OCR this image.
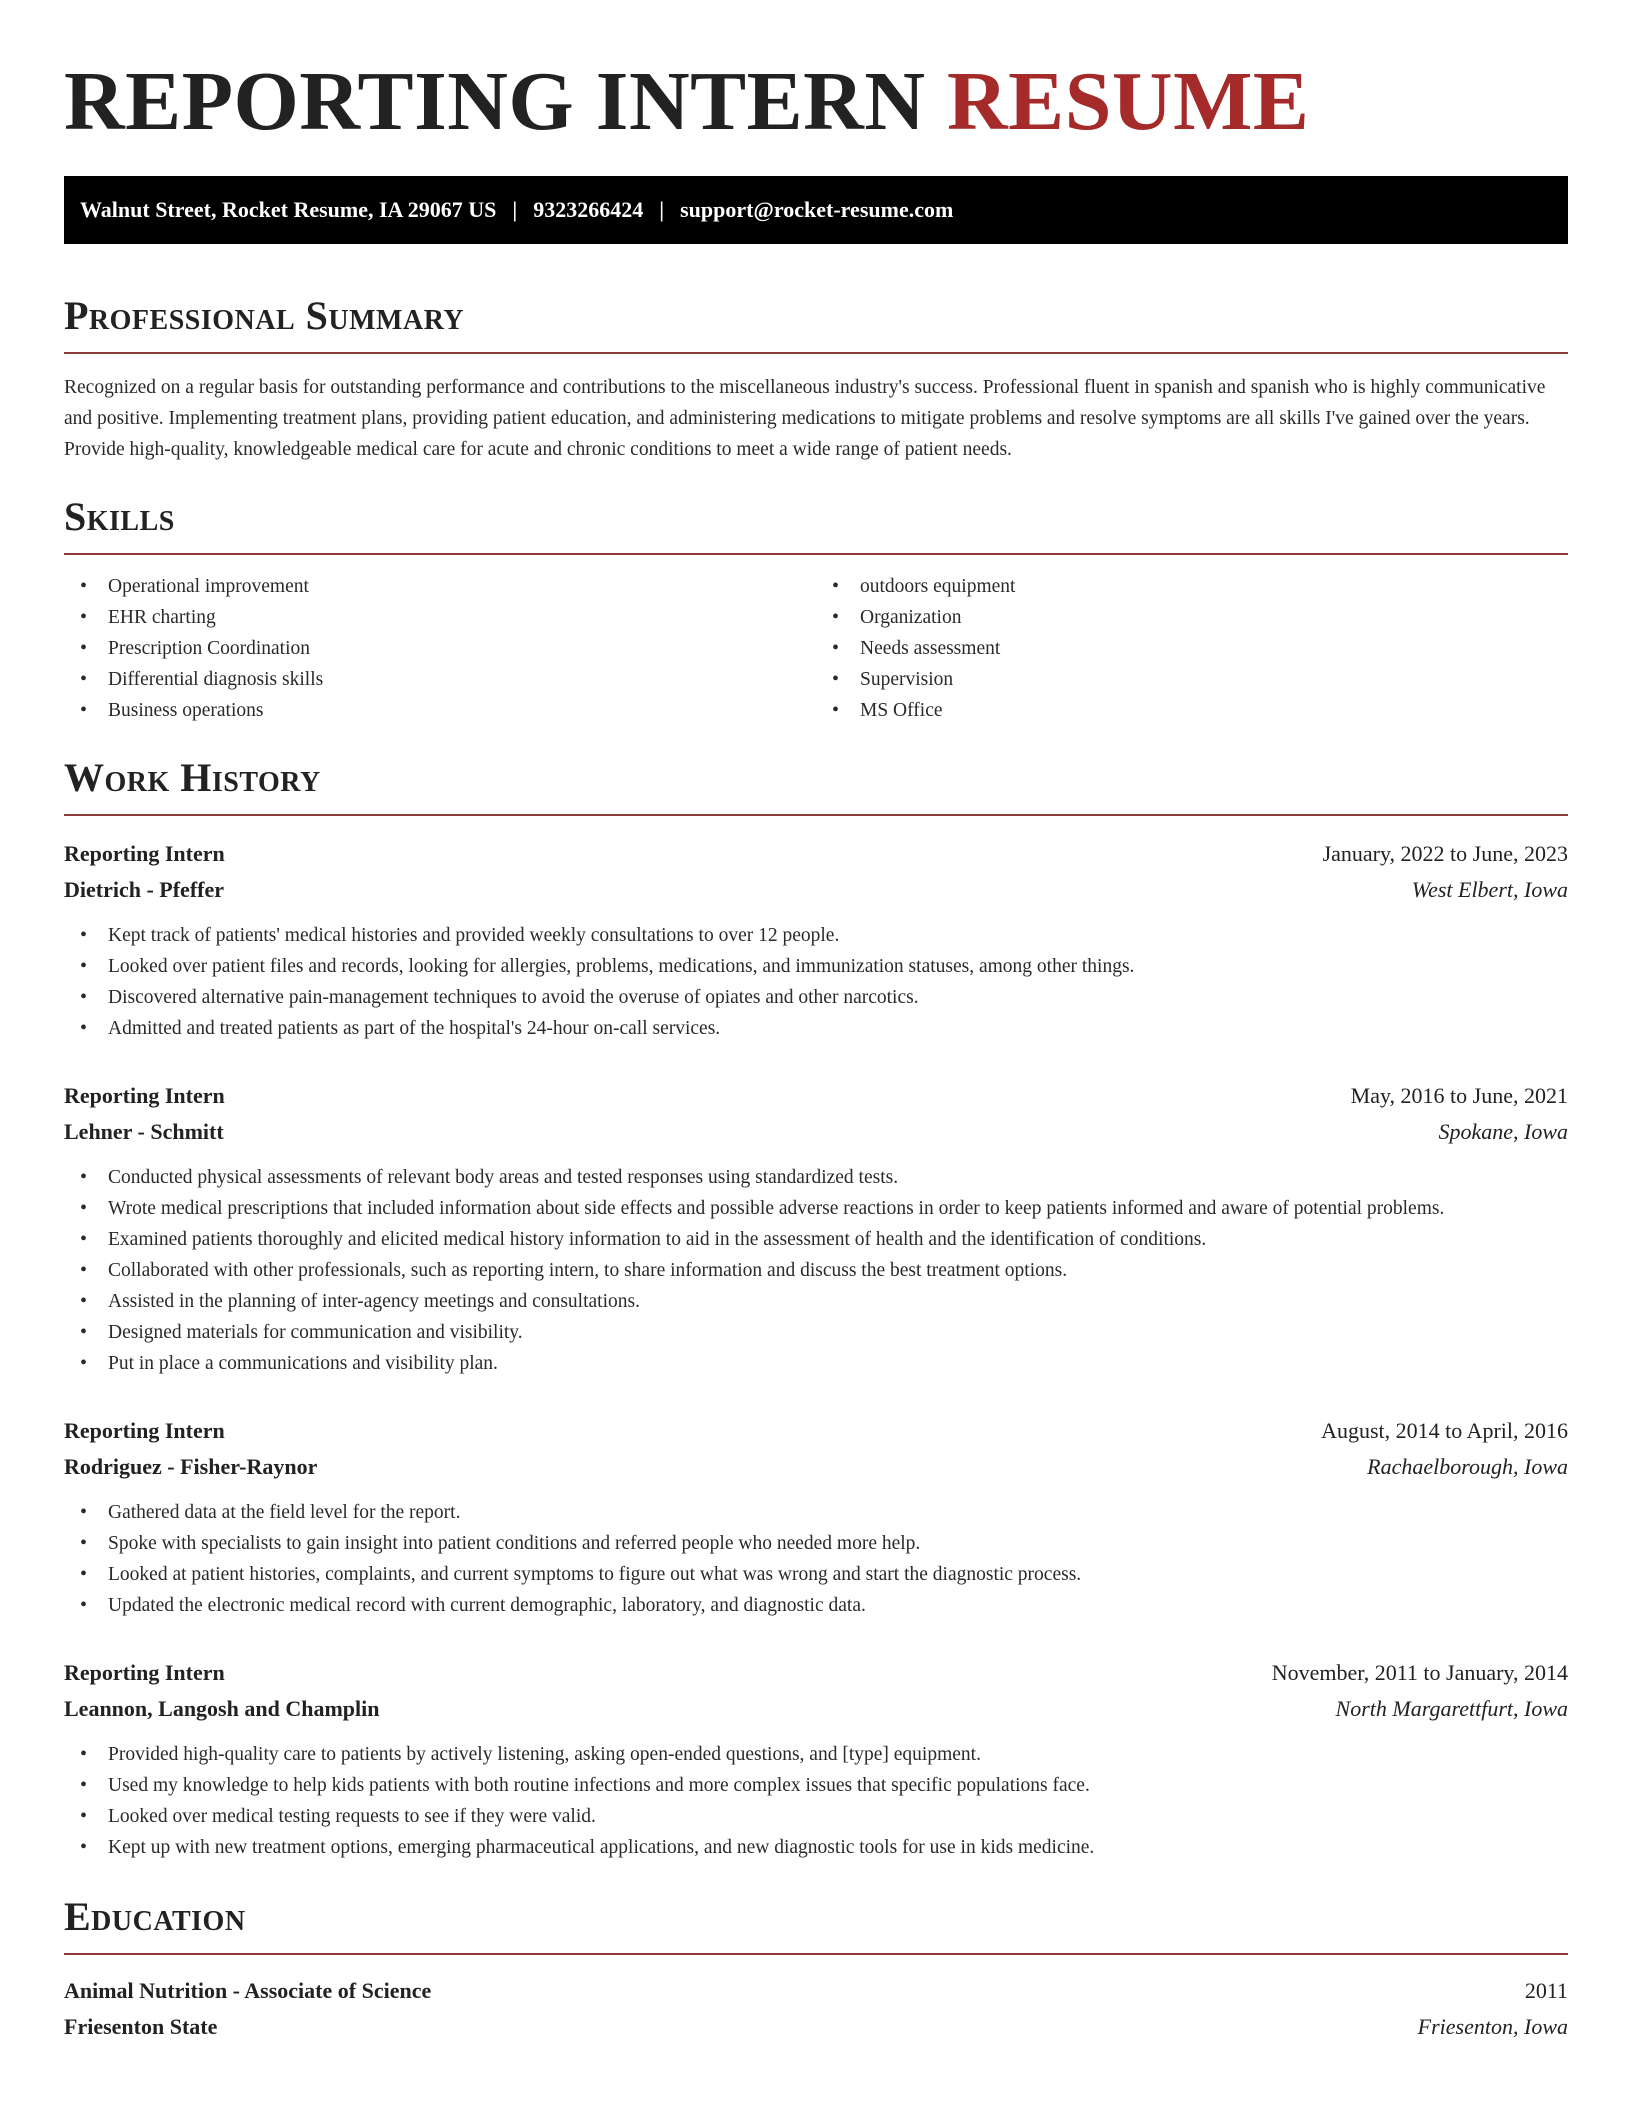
REPORTING INTERN RESUME
Walnut Street, Rocket Resume, IA 29067 US | 9323266424 | support@rocket-resume.com
Professional Summary

Recognized on a regular basis for outstanding performance and contributions to the miscellaneous industry's success. Professional fluent in spanish and spanish who is highly communicative and positive. Implementing treatment plans, providing patient education, and administering medications to mitigate problems and resolve symptoms are all skills I've gained over the years. Provide high-quality, knowledgeable medical care for acute and chronic conditions to meet a wide range of patient needs.

Skills
• Operational improvement
• EHR charting
• Prescription Coordination
• Differential diagnosis skills
• Business operations
• outdoors equipment
• Organization
• Needs assessment
• Supervision
• MS Office
Work History
Reporting Intern	January, 2022 to June, 2023
Dietrich - Pfeffer	West Elbert, Iowa
• Kept track of patients' medical histories and provided weekly consultations to over 12 people.
• Looked over patient files and records, looking for allergies, problems, medications, and immunization statuses, among other things.
• Discovered alternative pain-management techniques to avoid the overuse of opiates and other narcotics.
• Admitted and treated patients as part of the hospital's 24-hour on-call services.
Reporting Intern	May, 2016 to June, 2021
Lehner - Schmitt	Spokane, Iowa
• Conducted physical assessments of relevant body areas and tested responses using standardized tests.
• Wrote medical prescriptions that included information about side effects and possible adverse reactions in order to keep patients informed and aware of potential problems.
• Examined patients thoroughly and elicited medical history information to aid in the assessment of health and the identification of conditions.
• Collaborated with other professionals, such as reporting intern, to share information and discuss the best treatment options.
• Assisted in the planning of inter-agency meetings and consultations.
• Designed materials for communication and visibility.
• Put in place a communications and visibility plan.
Reporting Intern	August, 2014 to April, 2016
Rodriguez - Fisher-Raynor	Rachaelborough, Iowa
• Gathered data at the field level for the report.
• Spoke with specialists to gain insight into patient conditions and referred people who needed more help.
• Looked at patient histories, complaints, and current symptoms to figure out what was wrong and start the diagnostic process.
• Updated the electronic medical record with current demographic, laboratory, and diagnostic data.
Reporting Intern	November, 2011 to January, 2014
Leannon, Langosh and Champlin	North Margarettfurt, Iowa
• Provided high-quality care to patients by actively listening, asking open-ended questions, and [type] equipment.
• Used my knowledge to help kids patients with both routine infections and more complex issues that specific populations face.
• Looked over medical testing requests to see if they were valid.
• Kept up with new treatment options, emerging pharmaceutical applications, and new diagnostic tools for use in kids medicine.
Education
Animal Nutrition - Associate of Science	2011
Friesenton State	Friesenton, Iowa
